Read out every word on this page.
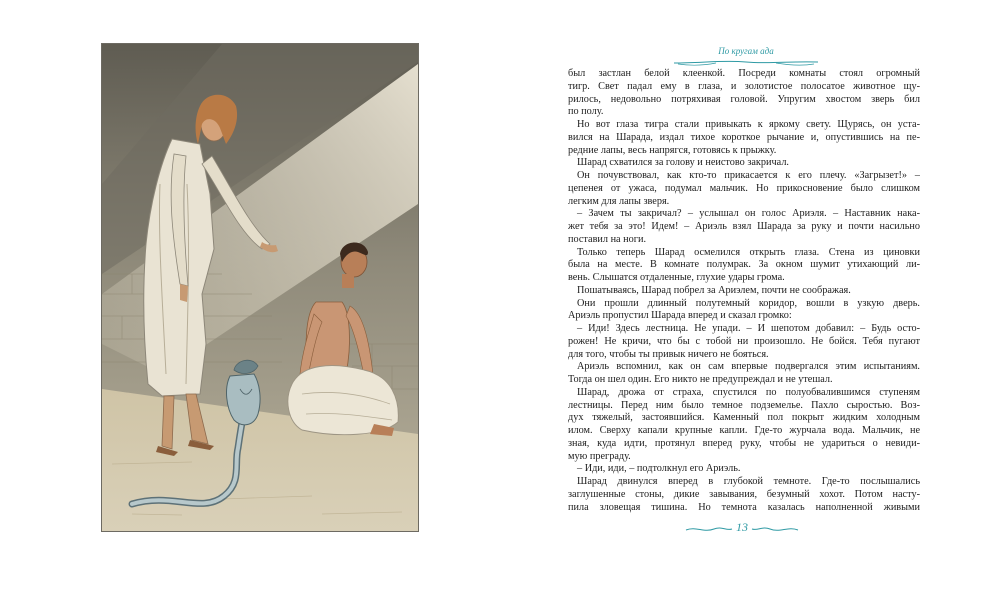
По кругам ада
был застлан белой клеенкой. Посреди комнаты стоял огромный
тигр. Свет падал ему в глаза, и золотистое полосатое животное щу-
рилось, недовольно потряхивая головой. Упругим хвостом зверь бил
по полу.
Но вот глаза тигра стали привыкать к яркому свету. Щурясь, он уста-
вился на Шарада, издал тихое короткое рычание и, опустившись на пе-
редние лапы, весь напрягся, готовясь к прыжку.
Шарад схватился за голову и неистово закричал.
Он почувствовал, как кто-то прикасается к его плечу. «Загрызет!» –
цепенея от ужаса, подумал мальчик. Но прикосновение было слишком
легким для лапы зверя.
– Зачем ты закричал? – услышал он голос Ариэля. – Наставник нака-
жет тебя за это! Идем! – Ариэль взял Шарада за руку и почти насильно
поставил на ноги.
Только теперь Шарад осмелился открыть глаза. Стена из циновки
была на месте. В комнате полумрак. За окном шумит утихающий ли-
вень. Слышатся отдаленные, глухие удары грома.
Пошатываясь, Шарад побрел за Ариэлем, почти не соображая.
Они прошли длинный полутемный коридор, вошли в узкую дверь.
Ариэль пропустил Шарада вперед и сказал громко:
– Иди! Здесь лестница. Не упади. – И шепотом добавил: – Будь осто-
рожен! Не кричи, что бы с тобой ни произошло. Не бойся. Тебя пугают
для того, чтобы ты привык ничего не бояться.
Ариэль вспомнил, как он сам впервые подвергался этим испытаниям.
Тогда он шел один. Его никто не предупреждал и не утешал.
Шарад, дрожа от страха, спустился по полуобвалившимся ступеням
лестницы. Перед ним было темное подземелье. Пахло сыростью. Воз-
дух тяжелый, застоявшийся. Каменный пол покрыт жидким холодным
илом. Сверху капали крупные капли. Где-то журчала вода. Мальчик, не
зная, куда идти, протянул вперед руку, чтобы не удариться о невиди-
мую преграду.
– Иди, иди, – подтолкнул его Ариэль.
Шарад двинулся вперед в глубокой темноте. Где-то послышались
заглушенные стоны, дикие завывания, безумный хохот. Потом насту-
пила зловещая тишина. Но темнота казалась наполненной живыми
13
